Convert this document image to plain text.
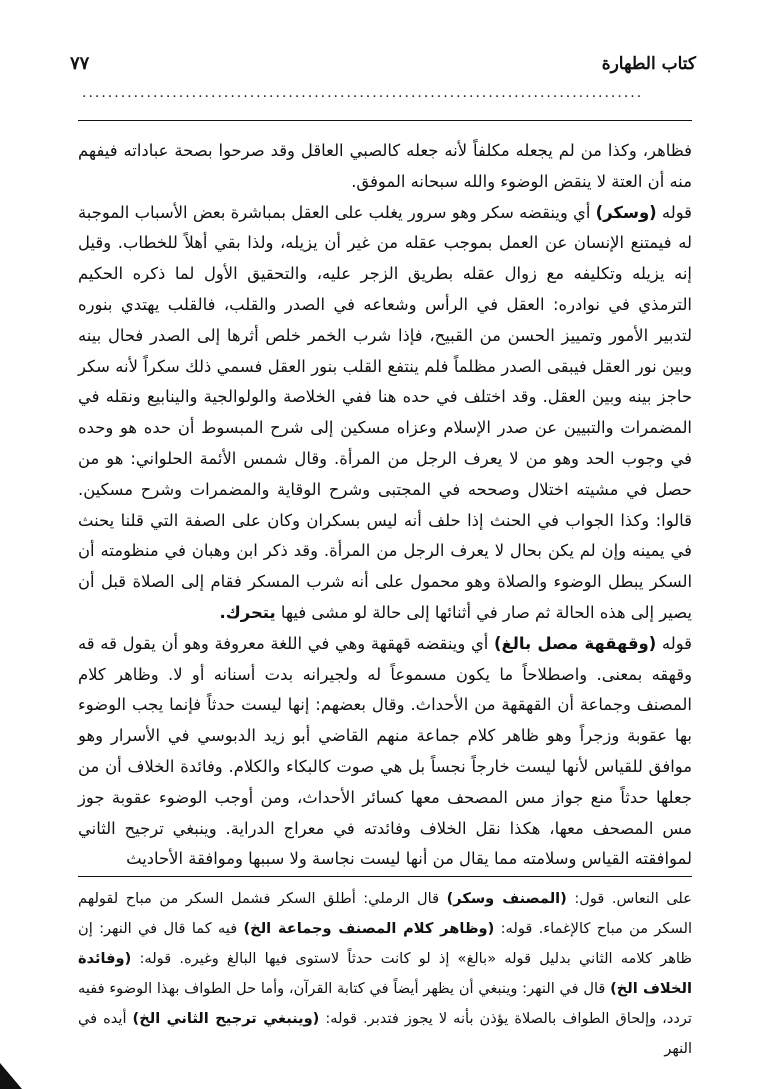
٧٧	كتاب الطهارة
.......................................................................................

فظاهر، وكذا من لم يجعله مكلفاً لأنه جعله كالصبي العاقل وقد صرحوا بصحة عباداته فيفهم منه أن العتة لا ينقض الوضوء والله سبحانه الموفق.

قوله (وسكر) أي وينقضه سكر وهو سرور يغلب على العقل بمباشرة بعض الأسباب الموجبة له فيمتنع الإنسان عن العمل بموجب عقله من غير أن يزيله، ولذا بقي أهلاً للخطاب. وقيل إنه يزيله وتكليفه مع زوال عقله بطريق الزجر عليه، والتحقيق الأول لما ذكره الحكيم الترمذي في نوادره: العقل في الرأس وشعاعه في الصدر والقلب، فالقلب يهتدي بنوره لتدبير الأمور وتمييز الحسن من القبيح، فإذا شرب الخمر خلص أثرها إلى الصدر فحال بينه وبين نور العقل فيبقى الصدر مظلماً فلم ينتفع القلب بنور العقل فسمي ذلك سكراً لأنه سكر حاجز بينه وبين العقل. وقد اختلف في حده هنا ففي الخلاصة والولوالجية والينابيع ونقله في المضمرات والتبيين عن صدر الإسلام وعزاه مسكين إلى شرح المبسوط أن حده هو وحده في وجوب الحد وهو من لا يعرف الرجل من المرأة. وقال شمس الأئمة الحلواني: هو من حصل في مشيته اختلال وصححه في المجتبى وشرح الوقاية والمضمرات وشرح مسكين. قالوا: وكذا الجواب في الحنث إذا حلف أنه ليس بسكران وكان على الصفة التي قلنا يحنث في يمينه وإن لم يكن بحال لا يعرف الرجل من المرأة. وقد ذكر ابن وهبان في منظومته أن السكر يبطل الوضوء والصلاة وهو محمول على أنه شرب المسكر فقام إلى الصلاة قبل أن يصير إلى هذه الحالة ثم صار في أثنائها إلى حالة لو مشى فيها يتحرك.

قوله (وقهقهة مصل بالغ) أي وينقضه قهقهة وهي في اللغة معروفة وهو أن يقول قه قه وقهقه بمعنى. واصطلاحاً ما يكون مسموعاً له ولجيرانه بدت أسنانه أو لا. وظاهر كلام المصنف وجماعة أن القهقهة من الأحداث. وقال بعضهم: إنها ليست حدثاً فإنما يجب الوضوء بها عقوبة وزجراً وهو ظاهر كلام جماعة منهم القاضي أبو زيد الدبوسي في الأسرار وهو موافق للقياس لأنها ليست خارجاً نجساً بل هي صوت كالبكاء والكلام. وفائدة الخلاف أن من جعلها حدثاً منع جواز مس المصحف معها كسائر الأحداث، ومن أوجب الوضوء عقوبة جوز مس المصحف معها، هكذا نقل الخلاف وفائدته في معراج الدراية. وينبغي ترجيح الثاني لموافقته القياس وسلامته مما يقال من أنها ليست نجاسة ولا سببها وموافقة الأحاديث

على النعاس. قول: (المصنف وسكر) قال الرملي: أطلق السكر فشمل السكر من مباح لقولهم السكر من مباح كالإغماء. قوله: (وظاهر كلام المصنف وجماعة الخ) فيه كما قال في النهر: إن ظاهر كلامه الثاني بدليل قوله «بالغ» إذ لو كانت حدثاً لاستوى فيها البالغ وغيره. قوله: (وفائدة الخلاف الخ) قال في النهر: وينبغي أن يظهر أيضاً في كتابة القرآن، وأما حل الطواف بهذا الوضوء ففيه تردد، وإلحاق الطواف بالصلاة يؤذن بأنه لا يجوز فتدبر. قوله: (وينبغي ترجيح الثاني الخ) أيده في النهر
